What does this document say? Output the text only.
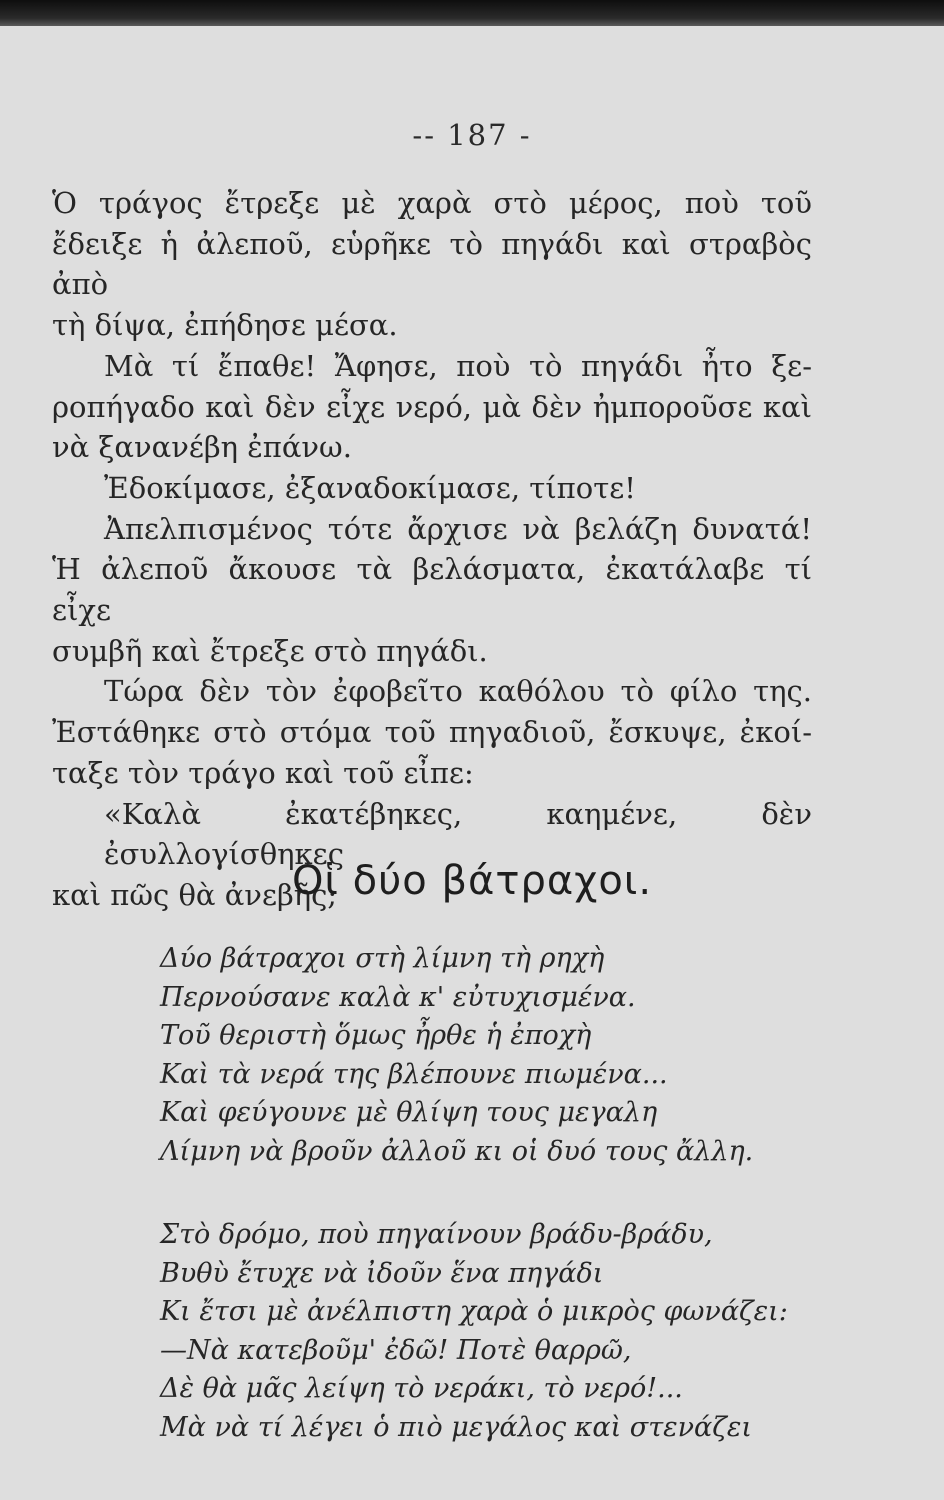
-- 187 -

Ὁ τράγος ἔτρεξε μὲ χαρὰ στὸ μέρος, ποὺ τοῦ
ἔδειξε ἡ ἀλεποῦ, εὑρῆκε τὸ πηγάδι καὶ στραβὸς ἀπὸ
τὴ δίψα, ἐπήδησε μέσα.

Μὰ τί ἔπαθε! Ἄφησε, ποὺ τὸ πηγάδι ἦτο ξε-
ροπήγαδο καὶ δὲν εἶχε νερό, μὰ δὲν ἠμποροῦσε καὶ
νὰ ξανανέβη ἐπάνω.

Ἐδοκίμασε, ἐξαναδοκίμασε, τίποτε!

Ἀπελπισμένος τότε ἄρχισε νὰ βελάζη δυνατά!
Ἡ ἀλεποῦ ἄκουσε τὰ βελάσματα, ἐκατάλαβε τί εἶχε
συμβῆ καὶ ἔτρεξε στὸ πηγάδι.

Τώρα δὲν τὸν ἐφοβεῖτο καθόλου τὸ φίλο της.
Ἐστάθηκε στὸ στόμα τοῦ πηγαδιοῦ, ἔσκυψε, ἐκοί-
ταξε τὸν τράγο καὶ τοῦ εἶπε:

«Καλὰ ἐκατέβηκες, καημένε, δὲν ἐσυλλογίσθηκες
καὶ πῶς θὰ ἀνεβῆς;

Οἱ δύο βάτραχοι.
Δύο βάτραχοι στὴ λίμνη τὴ ρηχὴ
Περνούσανε καλὰ κ' εὐτυχισμένα.
Τοῦ θεριστὴ ὅμως ἦρθε ἡ ἐποχὴ
Καὶ τὰ νερά της βλέπουνε πιωμένα...
Καὶ φεύγουνε μὲ θλίψη τους μεγαλη
Λίμνη νὰ βροῦν ἀλλοῦ κι οἱ δυό τους ἄλλη.
Στὸ δρόμο, ποὺ πηγαίνουν βράδυ-βράδυ,
Βυθὺ ἔτυχε νὰ ἰδοῦν ἕνα πηγάδι
Κι ἔτσι μὲ ἀνέλπιστη χαρὰ ὁ μικρὸς φωνάζει:
—Νὰ κατεβοῦμ' ἐδῶ! Ποτὲ θαρρῶ,
Δὲ θὰ μᾶς λείψη τὸ νεράκι, τὸ νερό!...
Μὰ νὰ τί λέγει ὁ πιὸ μεγάλος καὶ στενάζει
